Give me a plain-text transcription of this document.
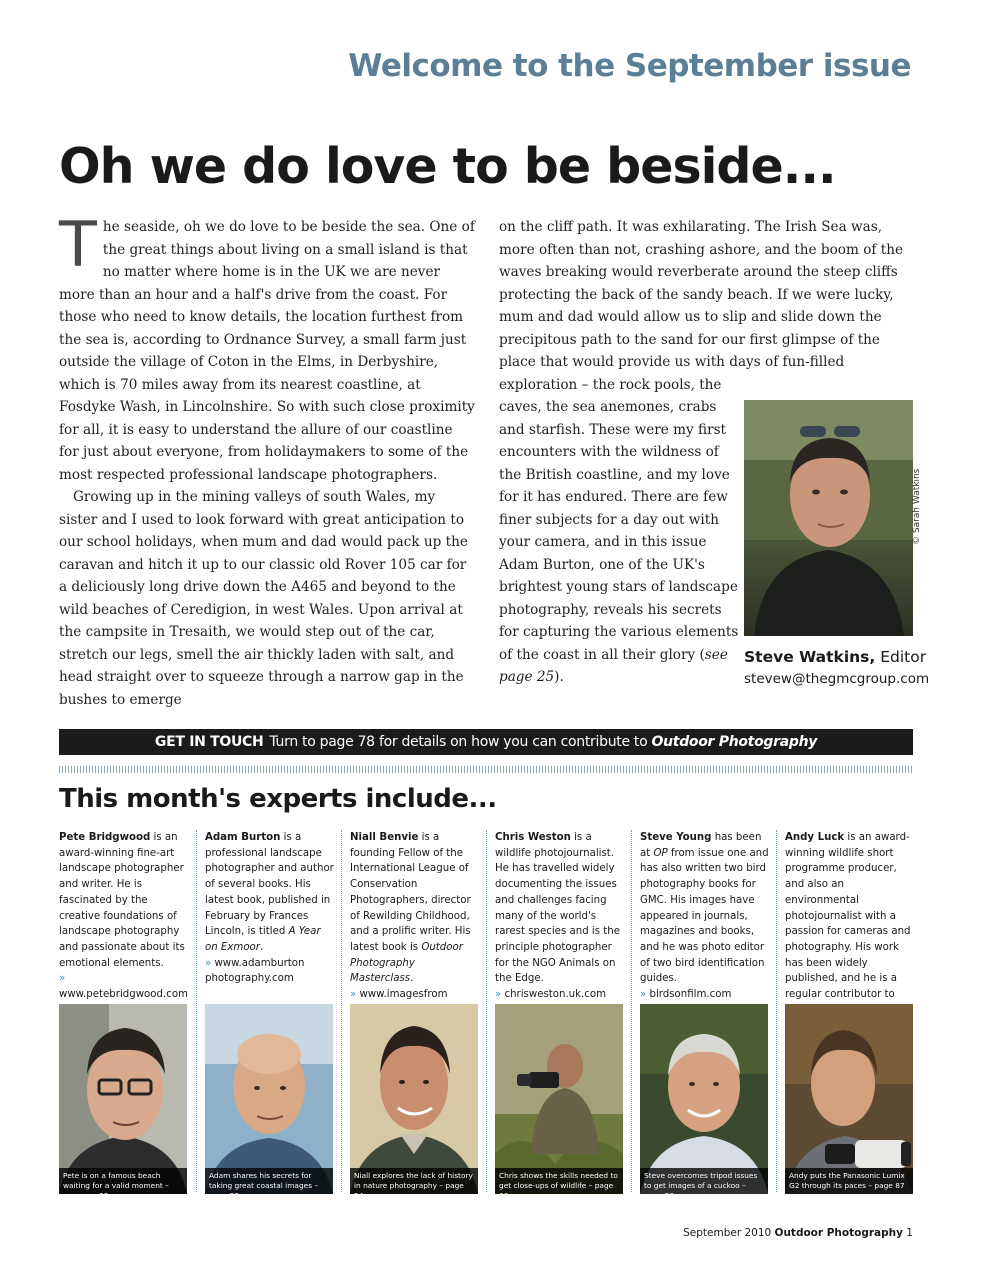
Welcome to the September issue
Oh we do love to be beside...

The seaside, oh we do love to be beside the sea. One of the great things about living on a small island is that no matter where home is in the UK we are never more than an hour and a half's drive from the coast. For those who need to know details, the location furthest from the sea is, according to Ordnance Survey, a small farm just outside the village of Coton in the Elms, in Derbyshire, which is 70 miles away from its nearest coastline, at Fosdyke Wash, in Lincolnshire. So with such close proximity for all, it is easy to understand the allure of our coastline for just about everyone, from holidaymakers to some of the most respected professional landscape photographers.

Growing up in the mining valleys of south Wales, my sister and I used to look forward with great anticipation to our school holidays, when mum and dad would pack up the caravan and hitch it up to our classic old Rover 105 car for a deliciously long drive down the A465 and beyond to the wild beaches of Ceredigion, in west Wales. Upon arrival at the campsite in Tresaith, we would step out of the car, stretch our legs, smell the air thickly laden with salt, and head straight over to squeeze through a narrow gap in the bushes to emerge

on the cliff path. It was exhilarating. The Irish Sea was, more often than not, crashing ashore, and the boom of the waves breaking would reverberate around the steep cliffs protecting the back of the sandy beach. If we were lucky, mum and dad would allow us to slip and slide down the precipitous path to the sand for our first glimpse of the place that would provide us with days of fun-filled exploration – the rock pools, the

caves, the sea anemones, crabs and starfish. These were my first encounters with the wildness of the British coastline, and my love for it has endured. There are few finer subjects for a day out with your camera, and in this issue Adam Burton, one of the UK's brightest young stars of landscape photography, reveals his secrets for capturing the various elements of the coast in all their glory (see page 25).

© Sarah Watkins
Steve Watkins, Editor
stevew@thegmcgroup.com
GET IN TOUCH Turn to page 78 for details on how you can contribute to Outdoor Photography
This month's experts include...
Pete Bridgwood is an award-winning fine-art landscape photographer and writer. He is fascinated by the creative foundations of landscape photography and passionate about its emotional elements.
» www.petebridgwood.com
Adam Burton is a professional landscape photographer and author of several books. His latest book, published in February by Frances Lincoln, is titled A Year on Exmoor.
» www.adamburton photography.com
Niall Benvie is a founding Fellow of the International League of Conservation Photographers, director of Rewilding Childhood, and a prolific writer. His latest book is Outdoor Photography Masterclass.
» www.imagesfrom
Chris Weston is a wildlife photojournalist. He has travelled widely documenting the issues and challenges facing many of the world's rarest species and is the principle photographer for the NGO Animals on the Edge.
» chrisweston.uk.com
Steve Young has been at OP from issue one and has also written two bird photography books for GMC. His images have appeared in journals, magazines and books, and he was photo editor of two bird identification guides.
» birdsonfilm.com
Andy Luck is an award-winning wildlife short programme producer, and also an environmental photojournalist with a passion for cameras and photography. His work has been widely published, and he is a regular contributor to
Pete is on a famous beach waiting for a valid moment – see page 22
Adam shares his secrets for taking great coastal images – page 25
Niall explores the lack of history in nature photography – page 54
Chris shows the skills needed to get close-ups of wildlife – page 60
Steve overcomes tripod issues to get images of a cuckoo – page 50
Andy puts the Panasonic Lumix G2 through its paces – page 87
September 2010 Outdoor Photography 1
